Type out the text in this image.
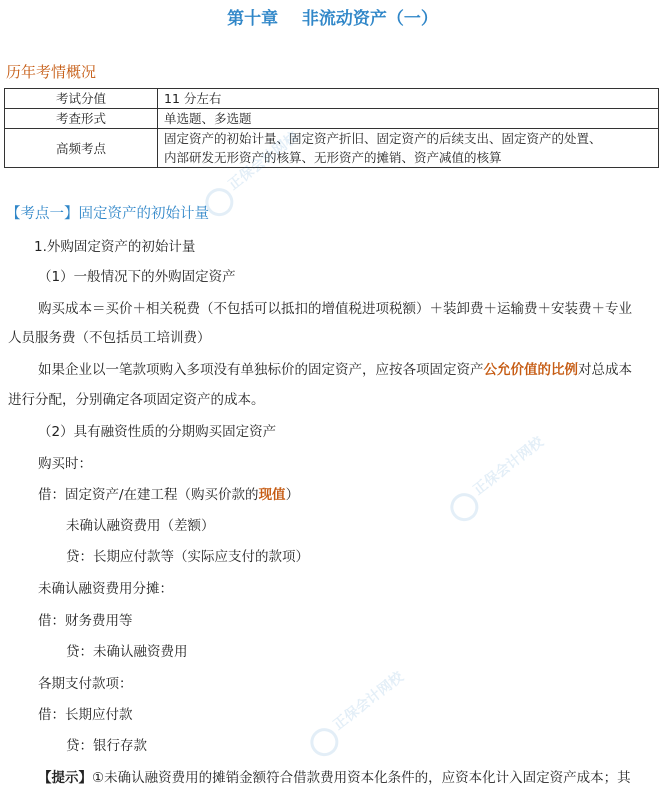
第十章    非流动资产（一）
历年考情概况
考试分值	11 分左右
考查形式	单选题、多选题
高频考点	固定资产的初始计量、固定资产折旧、固定资产的后续支出、固定资产的处置、
内部研发无形资产的核算、无形资产的摊销、资产减值的核算
【考点一】固定资产的初始计量
1.外购固定资产的初始计量
（1）一般情况下的外购固定资产
购买成本＝买价＋相关税费（不包括可以抵扣的增值税进项税额）＋装卸费＋运输费＋安装费＋专业
人员服务费（不包括员工培训费）
如果企业以一笔款项购入多项没有单独标价的固定资产，应按各项固定资产公允价值的比例对总成本
进行分配，分别确定各项固定资产的成本。
（2）具有融资性质的分期购买固定资产
购买时：
借：固定资产/在建工程（购买价款的现值）
未确认融资费用（差额）
贷：长期应付款等（实际应支付的款项）
未确认融资费用分摊：
借：财务费用等
贷：未确认融资费用
各期支付款项：
借：长期应付款
贷：银行存款
【提示】①未确认融资费用的摊销金额符合借款费用资本化条件的，应资本化计入固定资产成本；其
正保会计网校
正保会计网校
正保会计网校
